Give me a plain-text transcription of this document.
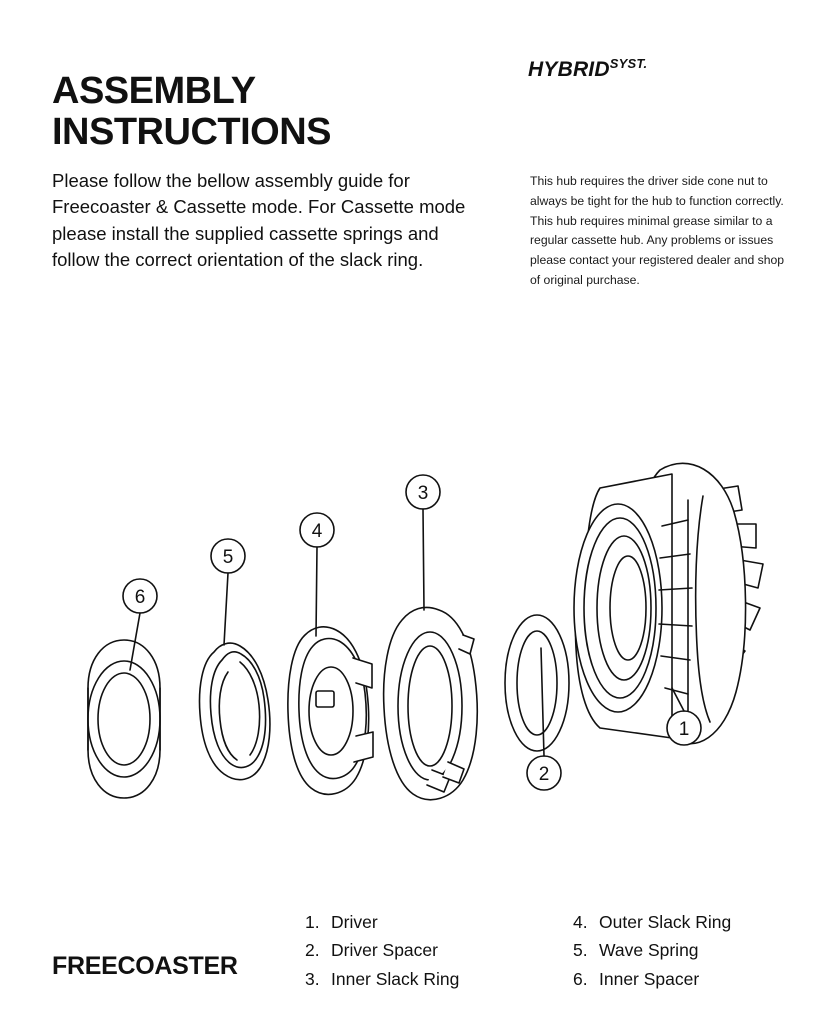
ASSEMBLY INSTRUCTIONS
$HYBRID^{SYST.}$

Please follow the bellow assembly guide for Freecoaster & Cassette mode. For Cassette mode please install the supplied cassette springs and follow the correct orientation of the slack ring.

This hub requires the driver side cone nut to always be tight for the hub to function correctly. This hub requires minimal grease similar to a regular cassette hub. Any problems or issues please contact your registered dealer and shop of original purchase.

6
5
4
3
2
1
FREECOASTER
1. Driver
2. Driver Spacer
3. Inner Slack Ring
4. Outer Slack Ring
5. Wave Spring
6. Inner Spacer
